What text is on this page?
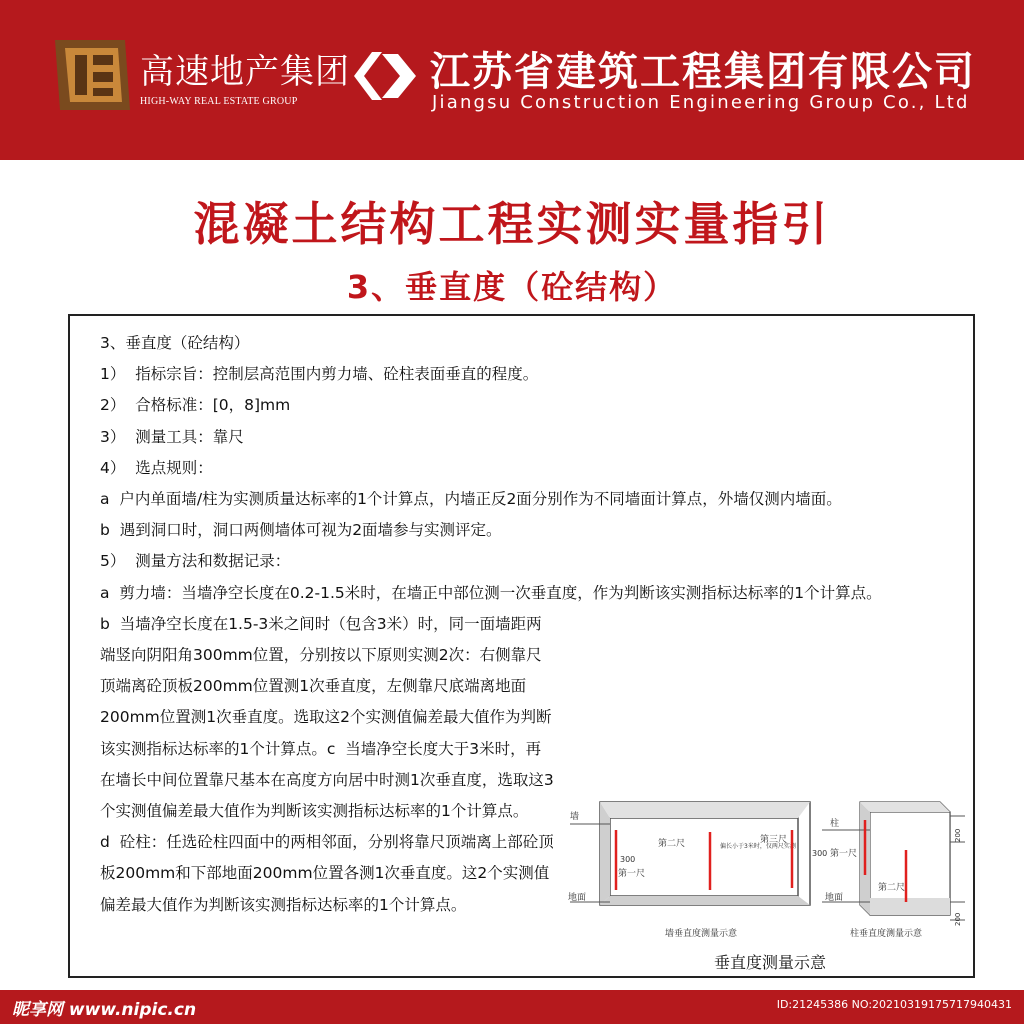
高速地产集团
HIGH-WAY REAL ESTATE GROUP
江苏省建筑工程集团有限公司
Jiangsu Construction Engineering Group Co., Ltd
混凝土结构工程实测实量指引
3、垂直度（砼结构）

3、垂直度（砼结构）

1）  指标宗旨：控制层高范围内剪力墙、砼柱表面垂直的程度。

2）  合格标准：[0，8]mm

3）  测量工具：靠尺

4）  选点规则：

a  户内单面墙/柱为实测质量达标率的1个计算点，内墙正反2面分别作为不同墙面计算点，外墙仅测内墙面。

b  遇到洞口时，洞口两侧墙体可视为2面墙参与实测评定。

5）  测量方法和数据记录：

a  剪力墙：当墙净空长度在0.2-1.5米时，在墙正中部位测一次垂直度，作为判断该实测指标达标率的1个计算点。

b  当墙净空长度在1.5-3米之间时（包含3米）时，同一面墙距两端竖向阴阳角300mm位置，分别按以下原则实测2次：右侧靠尺顶端离砼顶板200mm位置测1次垂直度，左侧靠尺底端离地面200mm位置测1次垂直度。选取这2个实测值偏差最大值作为判断该实测指标达标率的1个计算点。c  当墙净空长度大于3米时，再在墙长中间位置靠尺基本在高度方向居中时测1次垂直度，选取这3个实测值偏差最大值作为判断该实测指标达标率的1个计算点。

d  砼柱：任选砼柱四面中的两相邻面，分别将靠尺顶端离上部砼顶板200mm和下部地面200mm位置各测1次垂直度。这2个实测值偏差最大值作为判断该实测指标达标率的1个计算点。

墙
地面
第一尺
第二尺	第三尺
300
偏长小于3米时，仅两尺实测
墙垂直度测量示意
柱
地面
第一尺
第二尺
300
200
200
柱垂直度测量示意
垂直度测量示意
昵享网 www.nipic.cn	ID:21245386 NO:20210319175717940431
